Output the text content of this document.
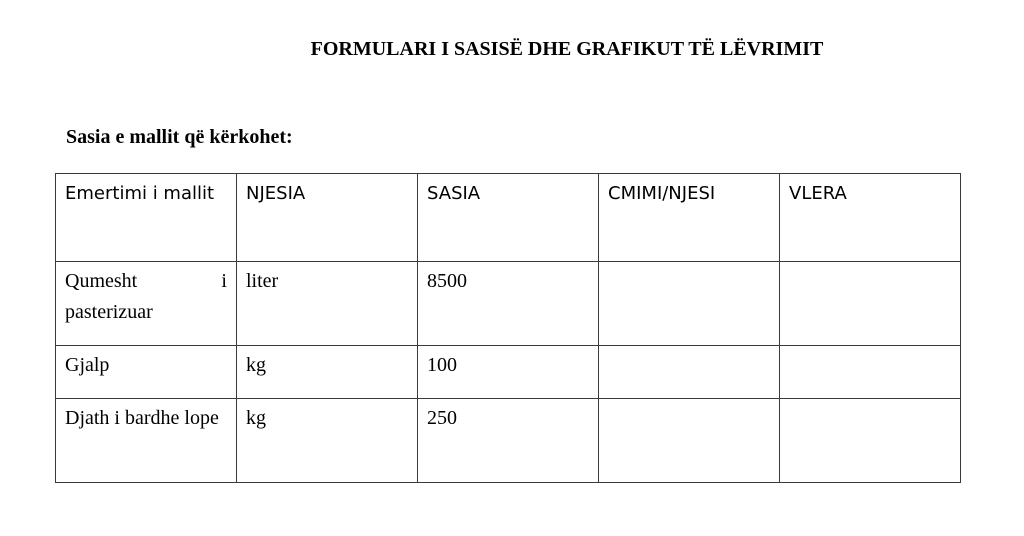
FORMULARI I SASISË DHE GRAFIKUT TË LËVRIMIT
Sasia e mallit që kërkohet:
Emertimi i mallit	NJESIA	SASIA	CMIMI/NJESI	VLERA
Qumesht i pasterizuar	liter	8500		
Gjalp	kg	100		
Djath i bardhe lope	kg	250		
